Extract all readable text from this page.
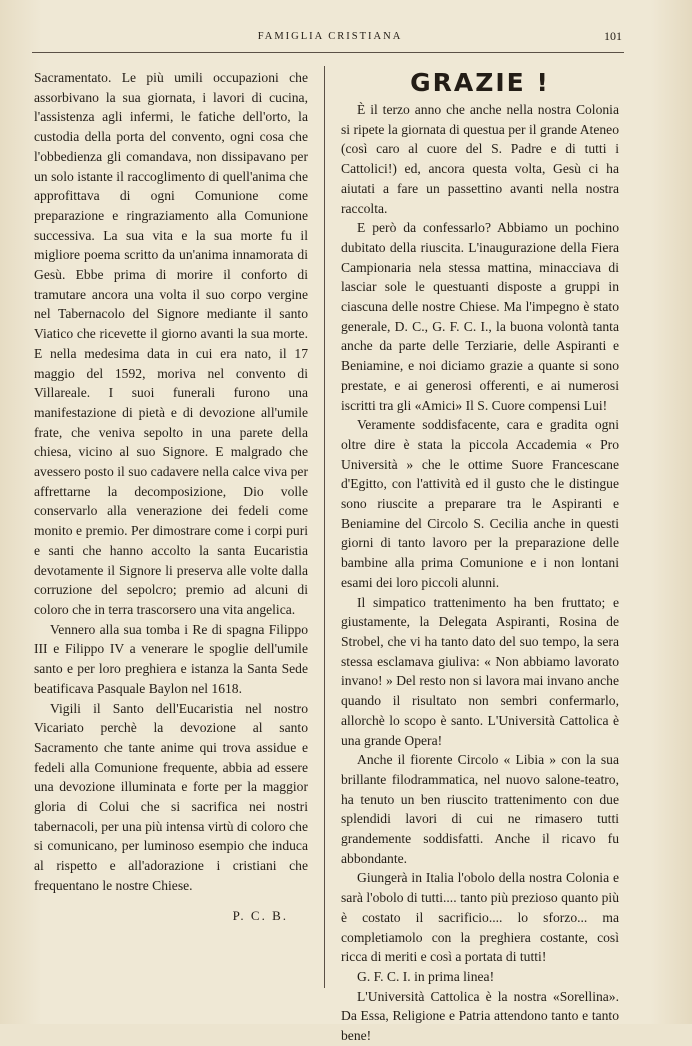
FAMIGLIA CRISTIANA	101

Sacramentato. Le più umili occupazioni che assorbivano la sua giornata, i lavori di cucina, l'assistenza agli infermi, le fatiche dell'orto, la custodia della porta del convento, ogni cosa che l'obbedienza gli comandava, non dissipavano per un solo istante il raccoglimento di quell'anima che approfittava di ogni Comunione come preparazione e ringraziamento alla Comunione successiva. La sua vita e la sua morte fu il migliore poema scritto da un'anima innamorata di Gesù. Ebbe prima di morire il conforto di tramutare ancora una volta il suo corpo vergine nel Tabernacolo del Signore mediante il santo Viatico che ricevette il giorno avanti la sua morte. E nella medesima data in cui era nato, il 17 maggio del 1592, moriva nel convento di Villareale. I suoi funerali furono una manifestazione di pietà e di devozione all'umile frate, che veniva sepolto in una parete della chiesa, vicino al suo Signore. E malgrado che avessero posto il suo cadavere nella calce viva per affrettarne la decomposizione, Dio volle conservarlo alla venerazione dei fedeli come monito e premio. Per dimostrare come i corpi puri e santi che hanno accolto la santa Eucaristia devotamente il Signore li preserva alle volte dalla corruzione del sepolcro; premio ad alcuni di coloro che in terra trascorsero una vita angelica.

Vennero alla sua tomba i Re di spagna Filippo III e Filippo IV a venerare le spoglie dell'umile santo e per loro preghiera e istanza la Santa Sede beatificava Pasquale Baylon nel 1618.

Vigili il Santo dell'Eucaristia nel nostro Vicariato perchè la devozione al santo Sacramento che tante anime qui trova assidue e fedeli alla Comunione frequente, abbia ad essere una devozione illuminata e forte per la maggior gloria di Colui che si sacrifica nei nostri tabernacoli, per una più intensa virtù di coloro che si comunicano, per luminoso esempio che induca al rispetto e all'adorazione i cristiani che frequentano le nostre Chiese.

P. C. B.
GRAZIE !

È il terzo anno che anche nella nostra Colonia si ripete la giornata di questua per il grande Ateneo (così caro al cuore del S. Padre e di tutti i Cattolici!) ed, ancora questa volta, Gesù ci ha aiutati a fare un passettino avanti nella nostra raccolta.

E però da confessarlo? Abbiamo un pochino dubitato della riuscita. L'inaugurazione della Fiera Campionaria nela stessa mattina, minacciava di lasciar sole le questuanti disposte a gruppi in ciascuna delle nostre Chiese. Ma l'impegno è stato generale, D. C., G. F. C. I., la buona volontà tanta anche da parte delle Terziarie, delle Aspiranti e Beniamine, e noi diciamo grazie a quante si sono prestate, e ai generosi offerenti, e ai numerosi iscritti tra gli «Amici» Il S. Cuore compensi Lui!

Veramente soddisfacente, cara e gradita ogni oltre dire è stata la piccola Accademia « Pro Università » che le ottime Suore Francescane d'Egitto, con l'attività ed il gusto che le distingue sono riuscite a preparare tra le Aspiranti e Beniamine del Circolo S. Cecilia anche in questi giorni di tanto lavoro per la preparazione delle bambine alla prima Comunione e i non lontani esami dei loro piccoli alunni.

Il simpatico trattenimento ha ben fruttato; e giustamente, la Delegata Aspiranti, Rosina de Strobel, che vi ha tanto dato del suo tempo, la sera stessa esclamava giuliva: « Non abbiamo lavorato invano! » Del resto non si lavora mai invano anche quando il risultato non sembri confermarlo, allorchè lo scopo è santo. L'Università Cattolica è una grande Opera!

Anche il fiorente Circolo « Libia » con la sua brillante filodrammatica, nel nuovo salone-teatro, ha tenuto un ben riuscito trattenimento con due splendidi lavori di cui ne rimasero tutti grandemente soddisfatti. Anche il ricavo fu abbondante.

Giungerà in Italia l'obolo della nostra Colonia e sarà l'obolo di tutti.... tanto più prezioso quanto più è costato il sacrificio.... lo sforzo... ma completiamolo con la preghiera costante, così ricca di meriti e così a portata di tutti!

G. F. C. I. in prima linea!

L'Università Cattolica è la nostra «Sorellina». Da Essa, Religione e Patria attendono tanto e tanto bene!
